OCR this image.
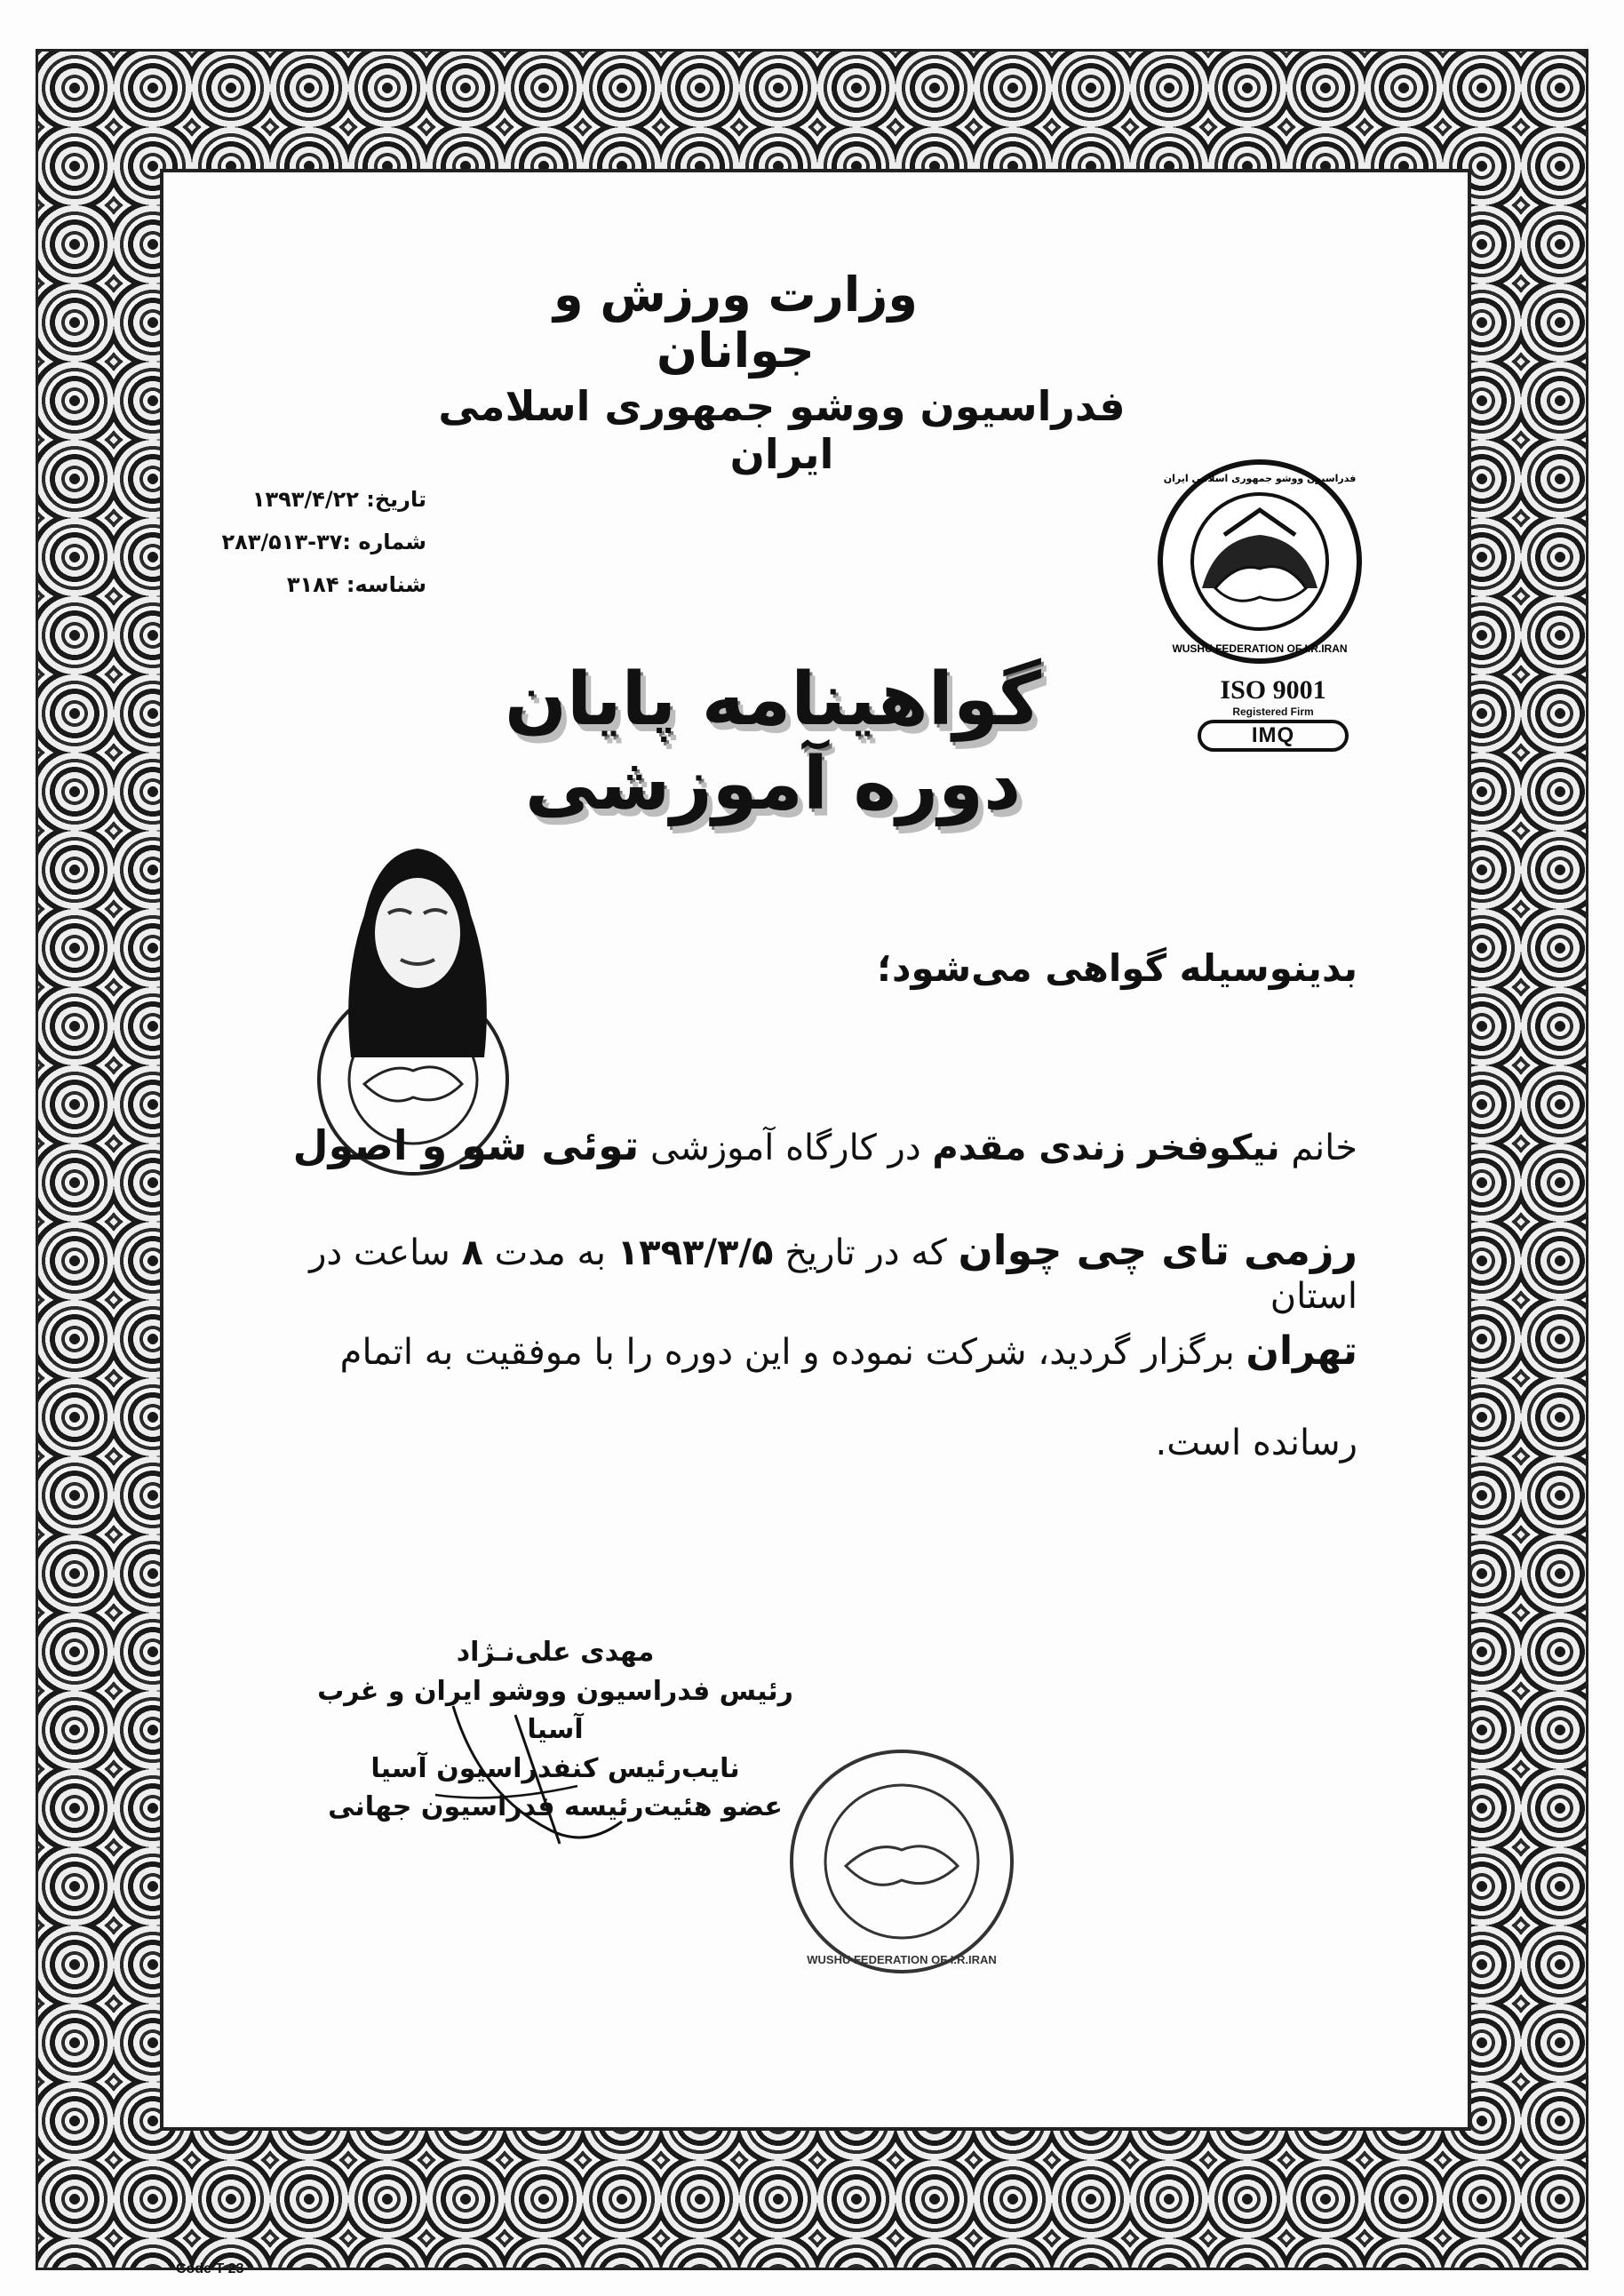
وزارت ورزش و جوانان
فدراسیون ووشو جمهوری اسلامی ایران
تاریخ: ۱۳۹۳/۴/۲۲
شماره :۳۷-۲۸۳/۵۱۳
شناسه: ۳۱۸۴
WUSHU FEDERATION OF I.R.IRAN
فدراسیون ووشو جمهوری اسلامی ایران
ISO 9001
Registered Firm
IMQ
گواهینامه پایان دوره آموزشی
بدینوسیله گواهی می‌شود؛
خانم نیکوفخر زندی مقدم در کارگاه آموزشی توئی شو و اصول
رزمی تای چی چوان که در تاریخ ۱۳۹۳/۳/۵ به مدت ۸ ساعت در استان
تهران برگزار گردید، شرکت نموده و این دوره را با موفقیت به اتمام
رسانده است.
مهدی علی‌نـژاد
رئیس فدراسیون ووشو ایران و غرب آسیا
نایب‌رئیس کنفدراسیون آسیا
عضو هئیت‌رئیسه فدراسیون جهانی
WUSHU FEDERATION OF I.R.IRAN
Code T-23
